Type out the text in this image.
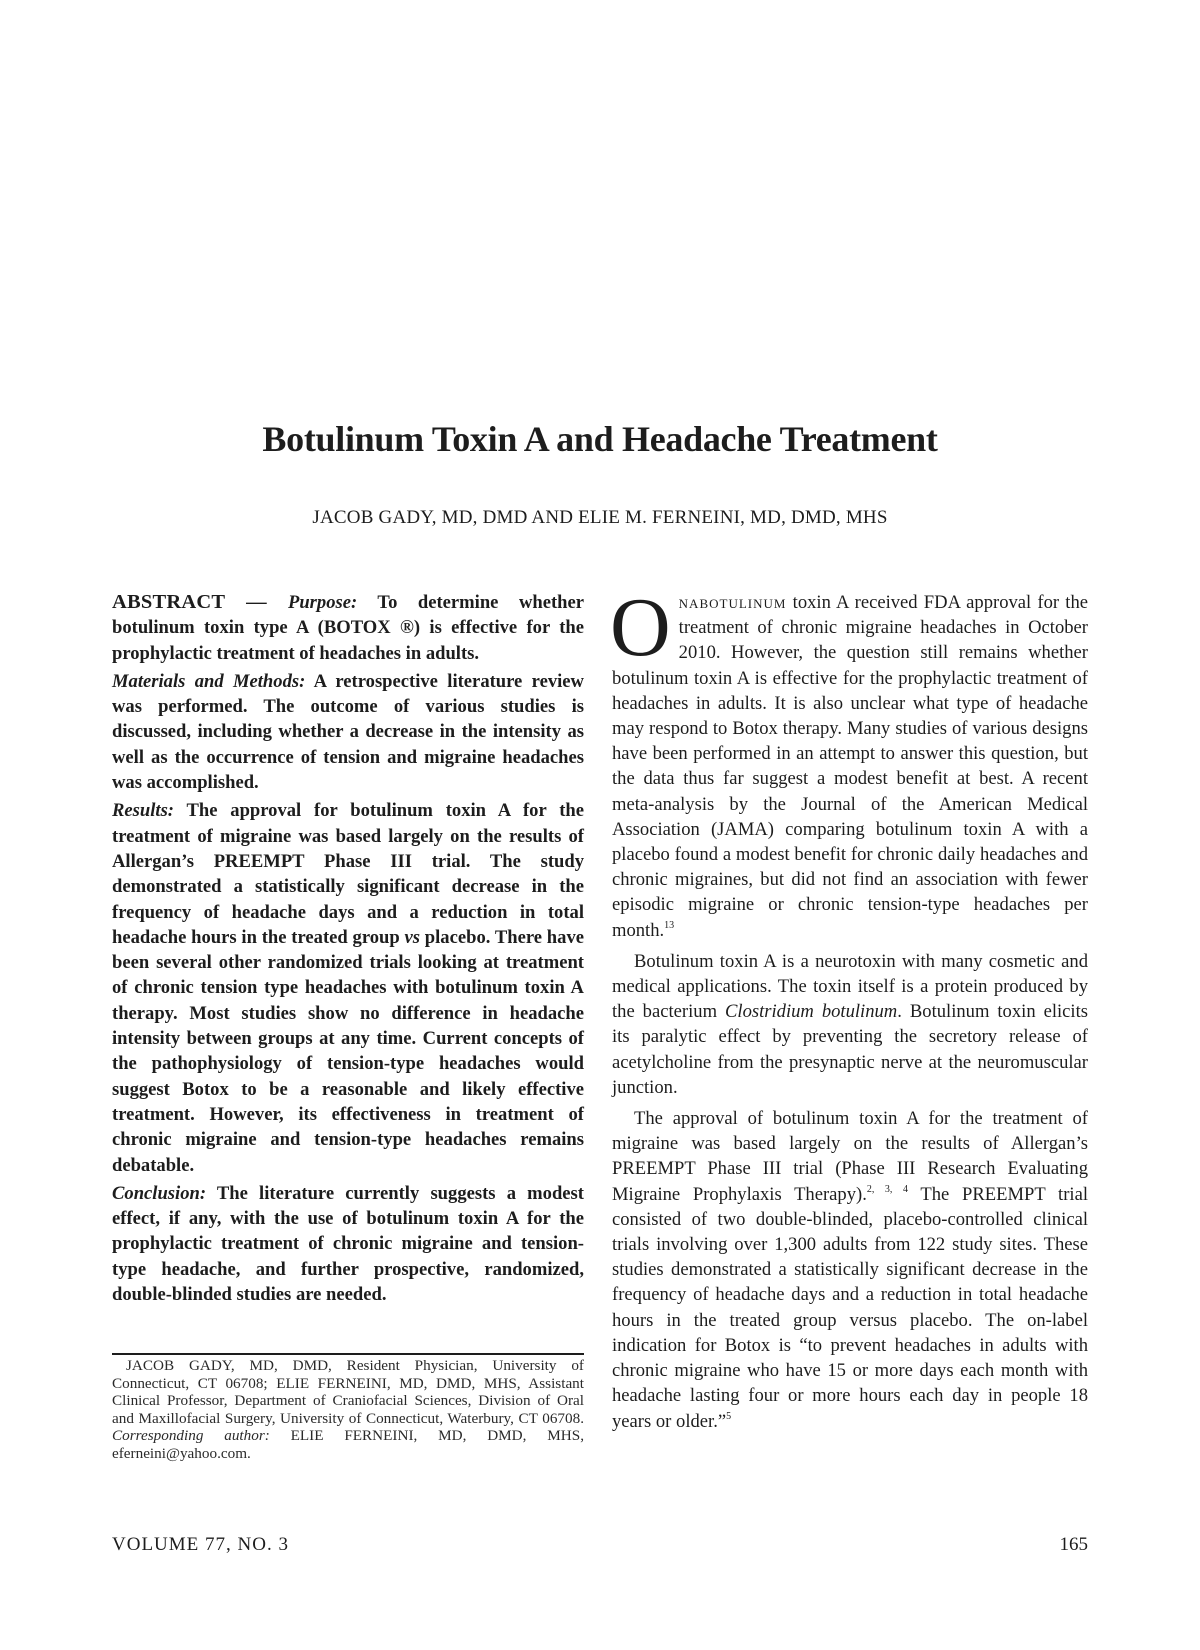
Botulinum Toxin A and Headache Treatment
JACOB GADY, MD, DMD AND ELIE M. FERNEINI, MD, DMD, MHS

ABSTRACT — Purpose: To determine whether botulinum toxin type A (BOTOX ®) is effective for the prophylactic treatment of headaches in adults.

Materials and Methods: A retrospective literature review was performed. The outcome of various studies is discussed, including whether a decrease in the intensity as well as the occurrence of tension and migraine headaches was accomplished.

Results: The approval for botulinum toxin A for the treatment of migraine was based largely on the results of Allergan’s PREEMPT Phase III trial. The study demonstrated a statistically significant decrease in the frequency of headache days and a reduction in total headache hours in the treated group vs placebo. There have been several other randomized trials looking at treatment of chronic tension type headaches with botulinum toxin A therapy. Most studies show no difference in headache intensity between groups at any time. Current concepts of the pathophysiology of tension-type headaches would suggest Botox to be a reasonable and likely effective treatment. However, its effectiveness in treatment of chronic migraine and tension-type headaches remains debatable.

Conclusion: The literature currently suggests a modest effect, if any, with the use of botulinum toxin A for the prophylactic treatment of chronic migraine and tension-type headache, and further prospective, randomized, double-blinded studies are needed.

JACOB GADY, MD, DMD, Resident Physician, University of Connecticut, CT 06708; ELIE FERNEINI, MD, DMD, MHS, Assistant Clinical Professor, Department of Craniofacial Sciences, Division of Oral and Maxillofacial Surgery, University of Connecticut, Waterbury, CT 06708. Corresponding author: ELIE FERNEINI, MD, DMD, MHS, eferneini@yahoo.com.

Onabotulinum toxin A received FDA approval for the treatment of chronic migraine headaches in October 2010. However, the question still remains whether botulinum toxin A is effective for the prophylactic treatment of headaches in adults. It is also unclear what type of headache may respond to Botox therapy. Many studies of various designs have been performed in an attempt to answer this question, but the data thus far suggest a modest benefit at best. A recent meta-analysis by the Journal of the American Medical Association (JAMA) comparing botulinum toxin A with a placebo found a modest benefit for chronic daily headaches and chronic migraines, but did not find an association with fewer episodic migraine or chronic tension-type headaches per month.$^{13}$

Botulinum toxin A is a neurotoxin with many cosmetic and medical applications. The toxin itself is a protein produced by the bacterium Clostridium botulinum. Botulinum toxin elicits its paralytic effect by preventing the secretory release of acetylcholine from the presynaptic nerve at the neuromuscular junction.

The approval of botulinum toxin A for the treatment of migraine was based largely on the results of Allergan’s PREEMPT Phase III trial (Phase III Research Evaluating Migraine Prophylaxis Therapy).$^{2, 3, 4}$ The PREEMPT trial consisted of two double-blinded, placebo-controlled clinical trials involving over 1,300 adults from 122 study sites. These studies demonstrated a statistically significant decrease in the frequency of headache days and a reduction in total headache hours in the treated group versus placebo. The on-label indication for Botox is “to prevent headaches in adults with chronic migraine who have 15 or more days each month with headache lasting four or more hours each day in people 18 years or older.”$^5$

VOLUME 77, NO. 3	165
